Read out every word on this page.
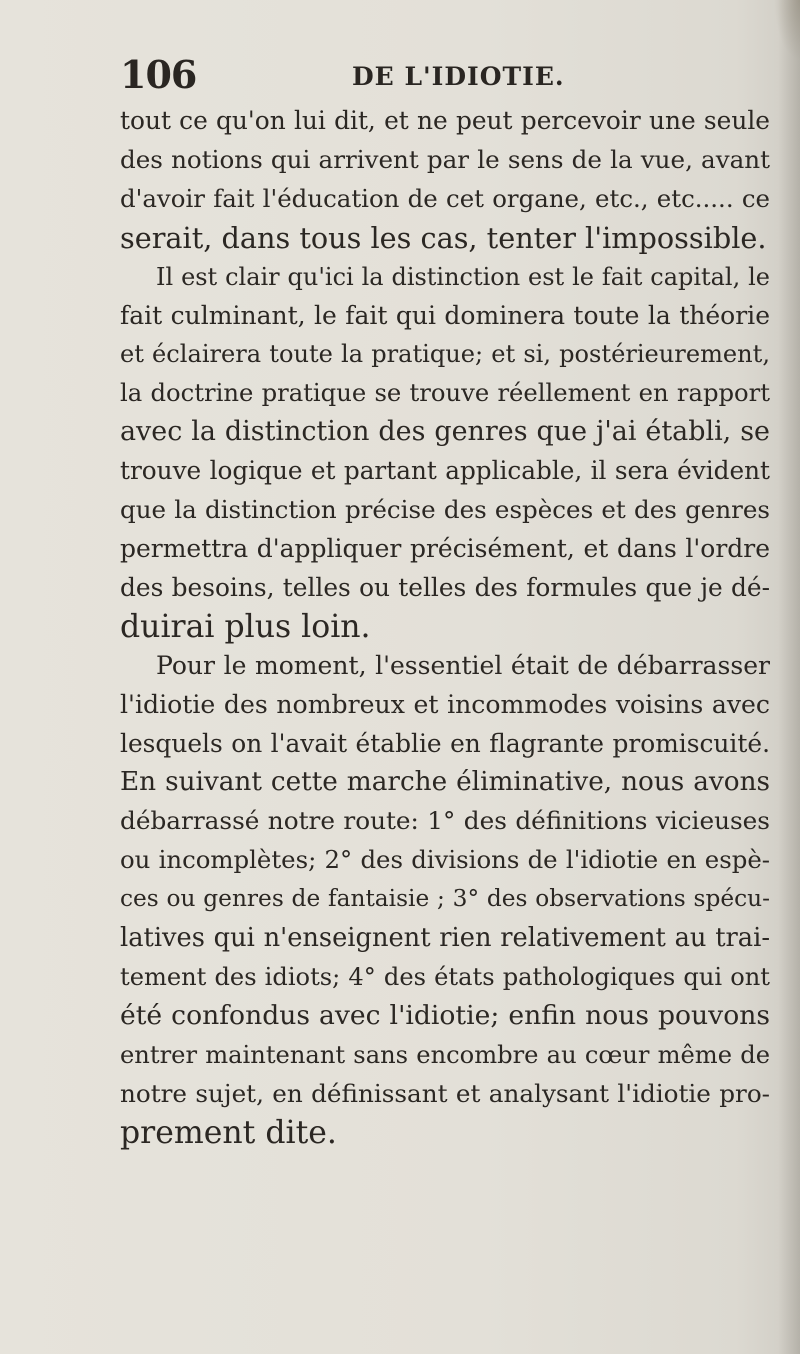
106	DE L'IDIOTIE.
tout ce qu'on lui dit, et ne peut percevoir une seule
des notions qui arrivent par le sens de la vue, avant
d'avoir fait l'éducation de cet organe, etc., etc..... ce
serait, dans tous les cas, tenter l'impossible.
Il est clair qu'ici la distinction est le fait capital, le
fait culminant, le fait qui dominera toute la théorie
et éclairera toute la pratique; et si, postérieurement,
la doctrine pratique se trouve réellement en rapport
avec la distinction des genres que j'ai établi, se
trouve logique et partant applicable, il sera évident
que la distinction précise des espèces et des genres
permettra d'appliquer précisément, et dans l'ordre
des besoins, telles ou telles des formules que je dé-
duirai plus loin.
Pour le moment, l'essentiel était de débarrasser
l'idiotie des nombreux et incommodes voisins avec
lesquels on l'avait établie en flagrante promiscuité.
En suivant cette marche éliminative, nous avons
débarrassé notre route: 1° des définitions vicieuses
ou incomplètes; 2° des divisions de l'idiotie en espè-
ces ou genres de fantaisie ; 3° des observations spécu-
latives qui n'enseignent rien relativement au trai-
tement des idiots; 4° des états pathologiques qui ont
été confondus avec l'idiotie; enfin nous pouvons
entrer maintenant sans encombre au cœur même de
notre sujet, en définissant et analysant l'idiotie pro-
prement dite.
